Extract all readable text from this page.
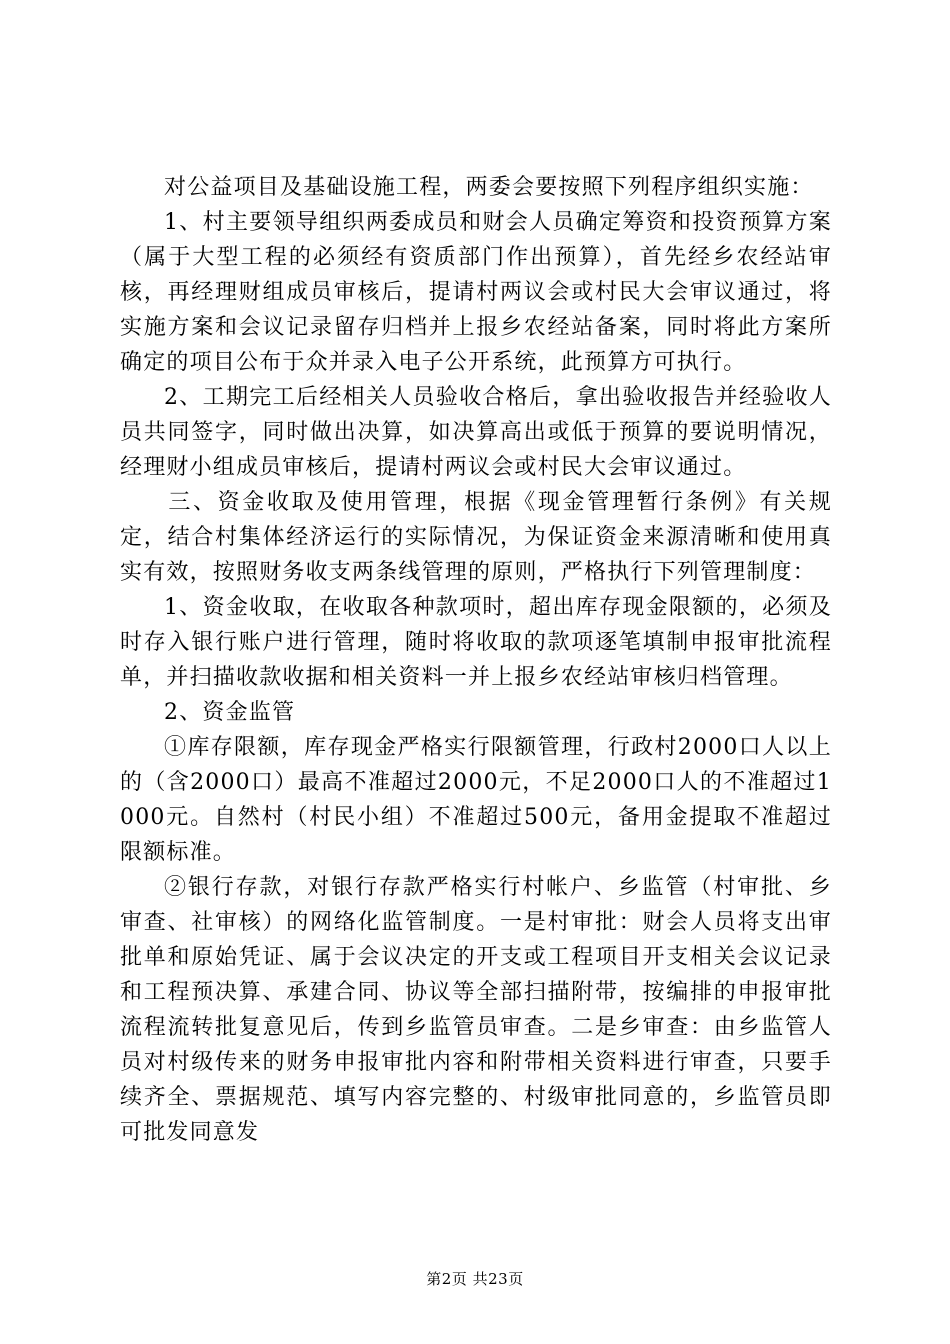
对公益项目及基础设施工程，两委会要按照下列程序组织实施：

1、村主要领导组织两委成员和财会人员确定筹资和投资预算方案（属于大型工程的必须经有资质部门作出预算），首先经乡农经站审核，再经理财组成员审核后，提请村两议会或村民大会审议通过，将实施方案和会议记录留存归档并上报乡农经站备案，同时将此方案所确定的项目公布于众并录入电子公开系统，此预算方可执行。

2、工期完工后经相关人员验收合格后，拿出验收报告并经验收人员共同签字，同时做出决算，如决算高出或低于预算的要说明情况，经理财小组成员审核后，提请村两议会或村民大会审议通过。

三、资金收取及使用管理，根据《现金管理暂行条例》有关规定，结合村集体经济运行的实际情况，为保证资金来源清晰和使用真实有效，按照财务收支两条线管理的原则，严格执行下列管理制度：

1、资金收取，在收取各种款项时，超出库存现金限额的，必须及时存入银行账户进行管理，随时将收取的款项逐笔填制申报审批流程单，并扫描收款收据和相关资料一并上报乡农经站审核归档管理。

2、资金监管

①库存限额，库存现金严格实行限额管理，行政村2000口人以上的（含2000口）最高不准超过2000元，不足2000口人的不准超过1000元。自然村（村民小组）不准超过500元，备用金提取不准超过限额标准。

②银行存款，对银行存款严格实行村帐户、乡监管（村审批、乡审查、社审核）的网络化监管制度。一是村审批：财会人员将支出审批单和原始凭证、属于会议决定的开支或工程项目开支相关会议记录和工程预决算、承建合同、协议等全部扫描附带，按编排的申报审批流程流转批复意见后，传到乡监管员审查。二是乡审查：由乡监管人员对村级传来的财务申报审批内容和附带相关资料进行审查，只要手续齐全、票据规范、填写内容完整的、村级审批同意的，乡监管员即可批发同意发

第2页 共23页
